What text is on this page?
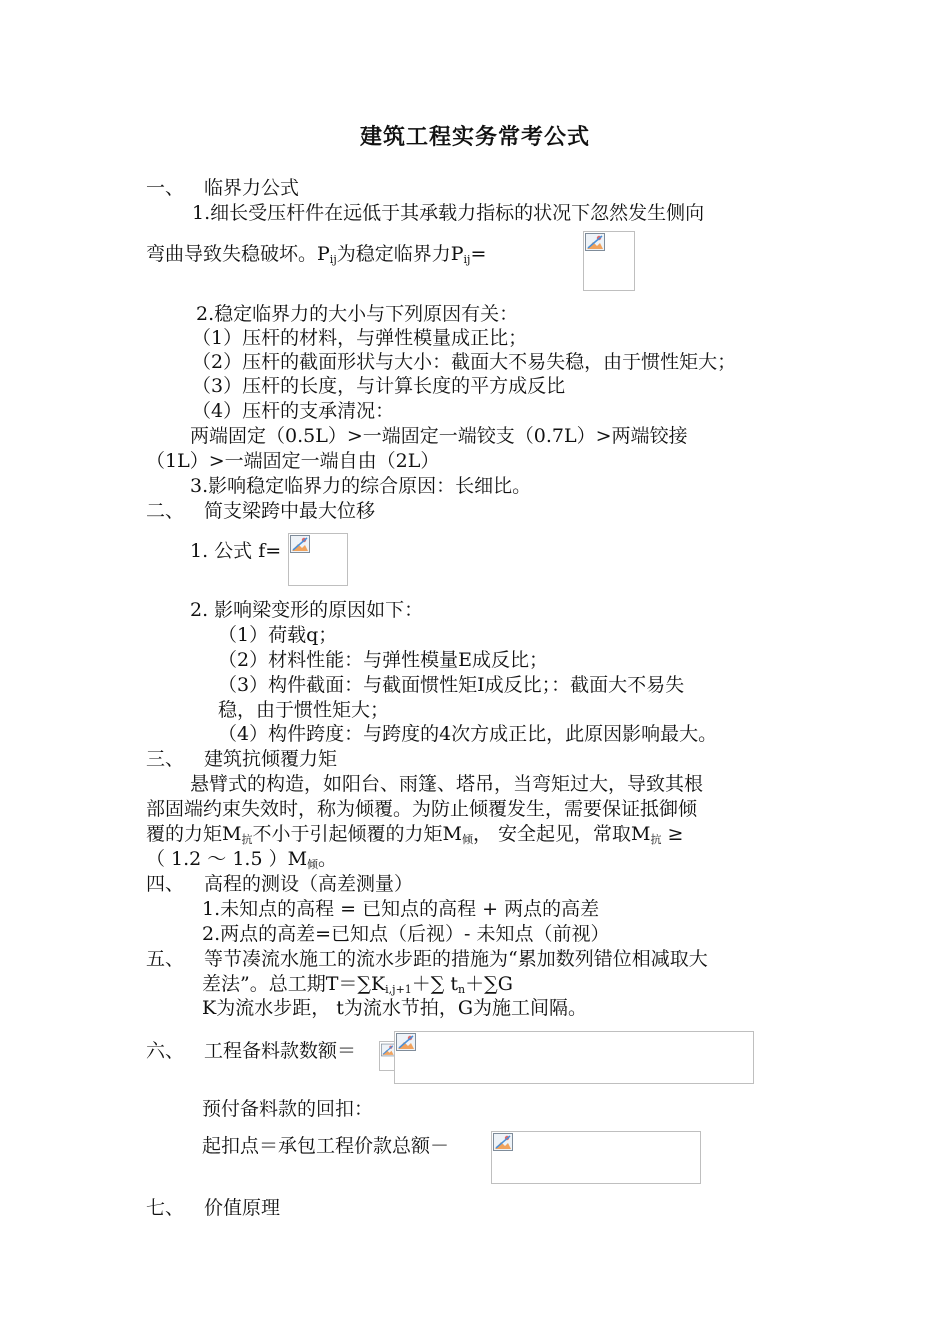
建筑工程实务常考公式
一、 临界力公式
1.细长受压杆件在远低于其承载力指标的状况下忽然发生侧向
弯曲导致失稳破坏。$P_{ij}$为稳定临界力$P_{ij}=$
2.稳定临界力的大小与下列原因有关：
（1）压杆的材料，与弹性模量成正比；
（2）压杆的截面形状与大小：截面大不易失稳，由于惯性矩大；
（3）压杆的长度，与计算长度的平方成反比
（4）压杆的支承清况：
两端固定（0.5L）>一端固定一端铰支（0.7L）>两端铰接
（1L）>一端固定一端自由（2L）
3.影响稳定临界力的综合原因：长细比。
二、 简支梁跨中最大位移
1. 公式 f=
2. 影响梁变形的原因如下：
（1）荷载q；
（2）材料性能：与弹性模量E成反比；
（3）构件截面：与截面惯性矩I成反比；：截面大不易失
稳，由于惯性矩大；
（4）构件跨度：与跨度的4次方成正比，此原因影响最大。
三、 建筑抗倾覆力矩
悬臂式的构造，如阳台、雨篷、塔吊，当弯矩过大，导致其根
部固端约束失效时，称为倾覆。为防止倾覆发生，需要保证抵御倾
覆的力矩$M_抗$不小于引起倾覆的力矩$M_倾$， 安全起见，常取$M_抗$ ≥
（ 1.2 ～ 1.5 ）$M_倾$。
四、 高程的测设（高差测量）
1.未知点的高程 = 已知点的高程 + 两点的高差
2.两点的高差=已知点（后视）- 未知点（前视）
五、 等节凑流水施工的流水步距的措施为“累加数列错位相减取大
差法”。总工期$T=\sum K_{i,j+1}+\sum$ $t_n+\sum G$
K为流水步距， t为流水节拍，G为施工间隔。
六、 工程备料款数额＝
预付备料款的回扣：
起扣点＝承包工程价款总额－
七、 价值原理
